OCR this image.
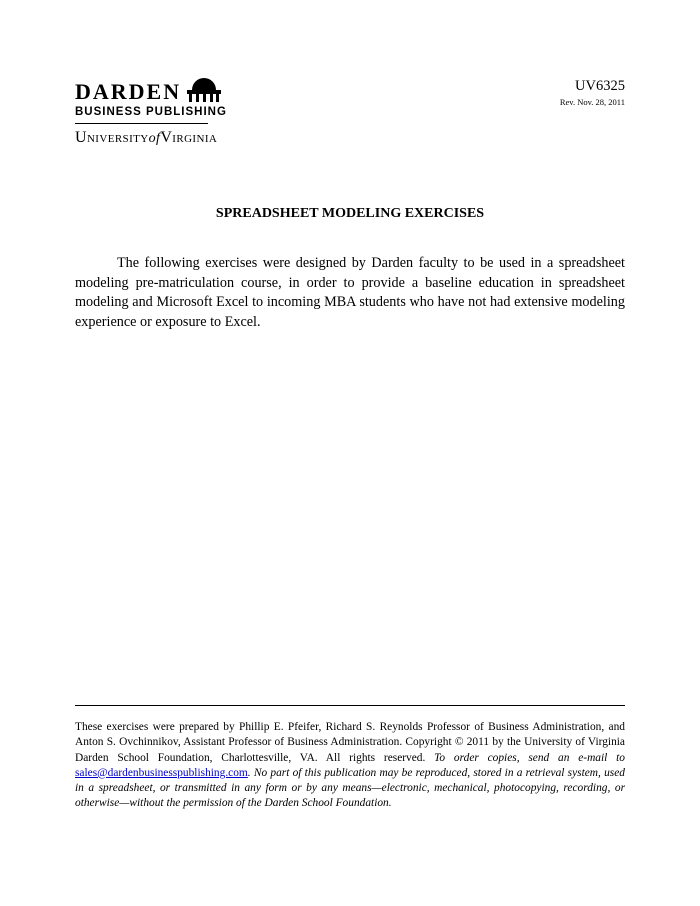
DARDEN
BUSINESS PUBLISHING
UniversityofVirginia
UV6325
Rev. Nov. 28, 2011
SPREADSHEET MODELING EXERCISES
The following exercises were designed by Darden faculty to be used in a spreadsheet modeling pre-matriculation course, in order to provide a baseline education in spreadsheet modeling and Microsoft Excel to incoming MBA students who have not had extensive modeling experience or exposure to Excel.
These exercises were prepared by Phillip E. Pfeifer, Richard S. Reynolds Professor of Business Administration, and Anton S. Ovchinnikov, Assistant Professor of Business Administration. Copyright © 2011 by the University of Virginia Darden School Foundation, Charlottesville, VA. All rights reserved. To order copies, send an e-mail to sales@dardenbusinesspublishing.com. No part of this publication may be reproduced, stored in a retrieval system, used in a spreadsheet, or transmitted in any form or by any means—electronic, mechanical, photocopying, recording, or otherwise—without the permission of the Darden School Foundation.
